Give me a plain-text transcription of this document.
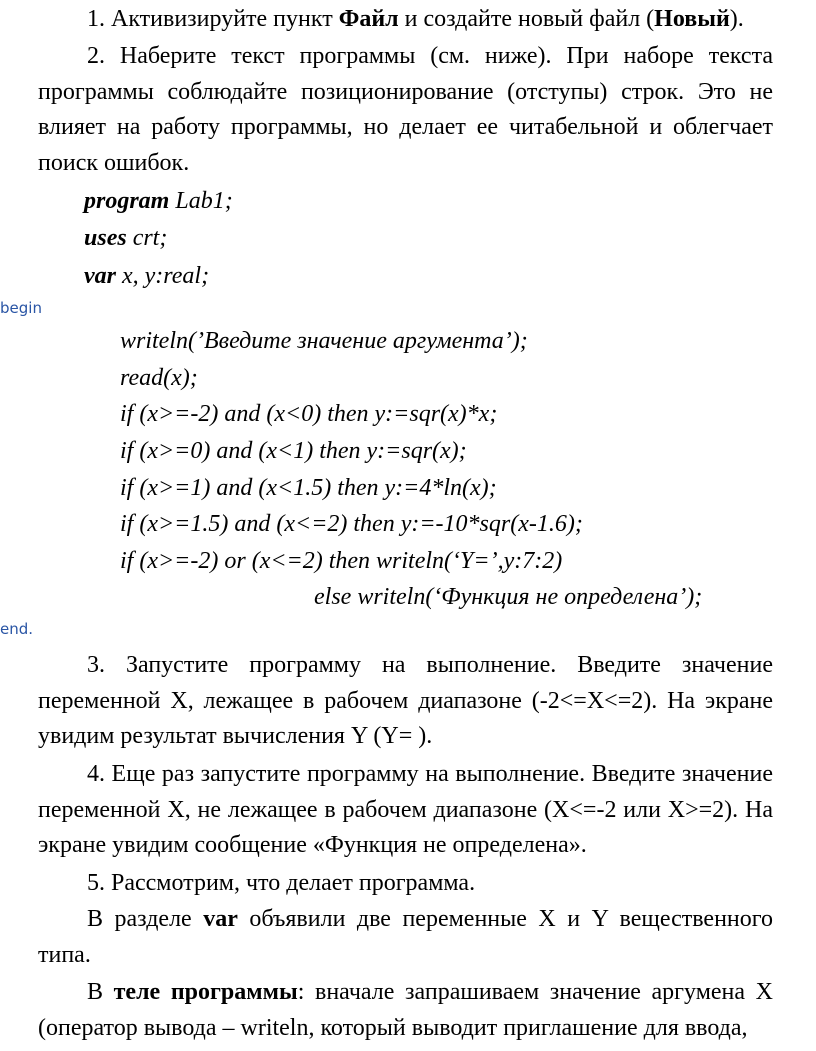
1. Активизируйте пункт Файл и создайте новый файл (Новый).

2. Наберите текст программы (см. ниже). При наборе текста программы соблюдайте позиционирование (отступы) строк. Это не влияет на работу программы, но делает ее читабельной и облегчает поиск ошибок.

program Lab1;

uses crt;

var x, y:real;

begin

writeln(’Введите значение аргумента’);

read(x);

if (x>=-2) and (x<0) then y:=sqr(x)*x;

if (x>=0) and (x<1) then y:=sqr(x);

if (x>=1) and (x<1.5) then y:=4*ln(x);

if (x>=1.5) and (x<=2) then y:=-10*sqr(x-1.6);

if (x>=-2) or (x<=2) then writeln(‘Y=’,y:7:2)

else writeln(‘Функция не определена’);

end.

3. Запустите программу на выполнение. Введите значение переменной X, лежащее в рабочем диапазоне (-2<=X<=2). На экране увидим результат вычисления Y (Y= ).

4. Еще раз запустите программу на выполнение. Введите значение переменной X, не лежащее в рабочем диапазоне (X<=-2 или X>=2). На экране увидим сообщение «Функция не определена».

5. Рассмотрим, что делает программа.

В разделе var объявили две переменные X и Y вещественного типа.

В теле программы: вначале запрашиваем значение аргумена X (оператор вывода – writeln, который выводит приглашение для ввода,
